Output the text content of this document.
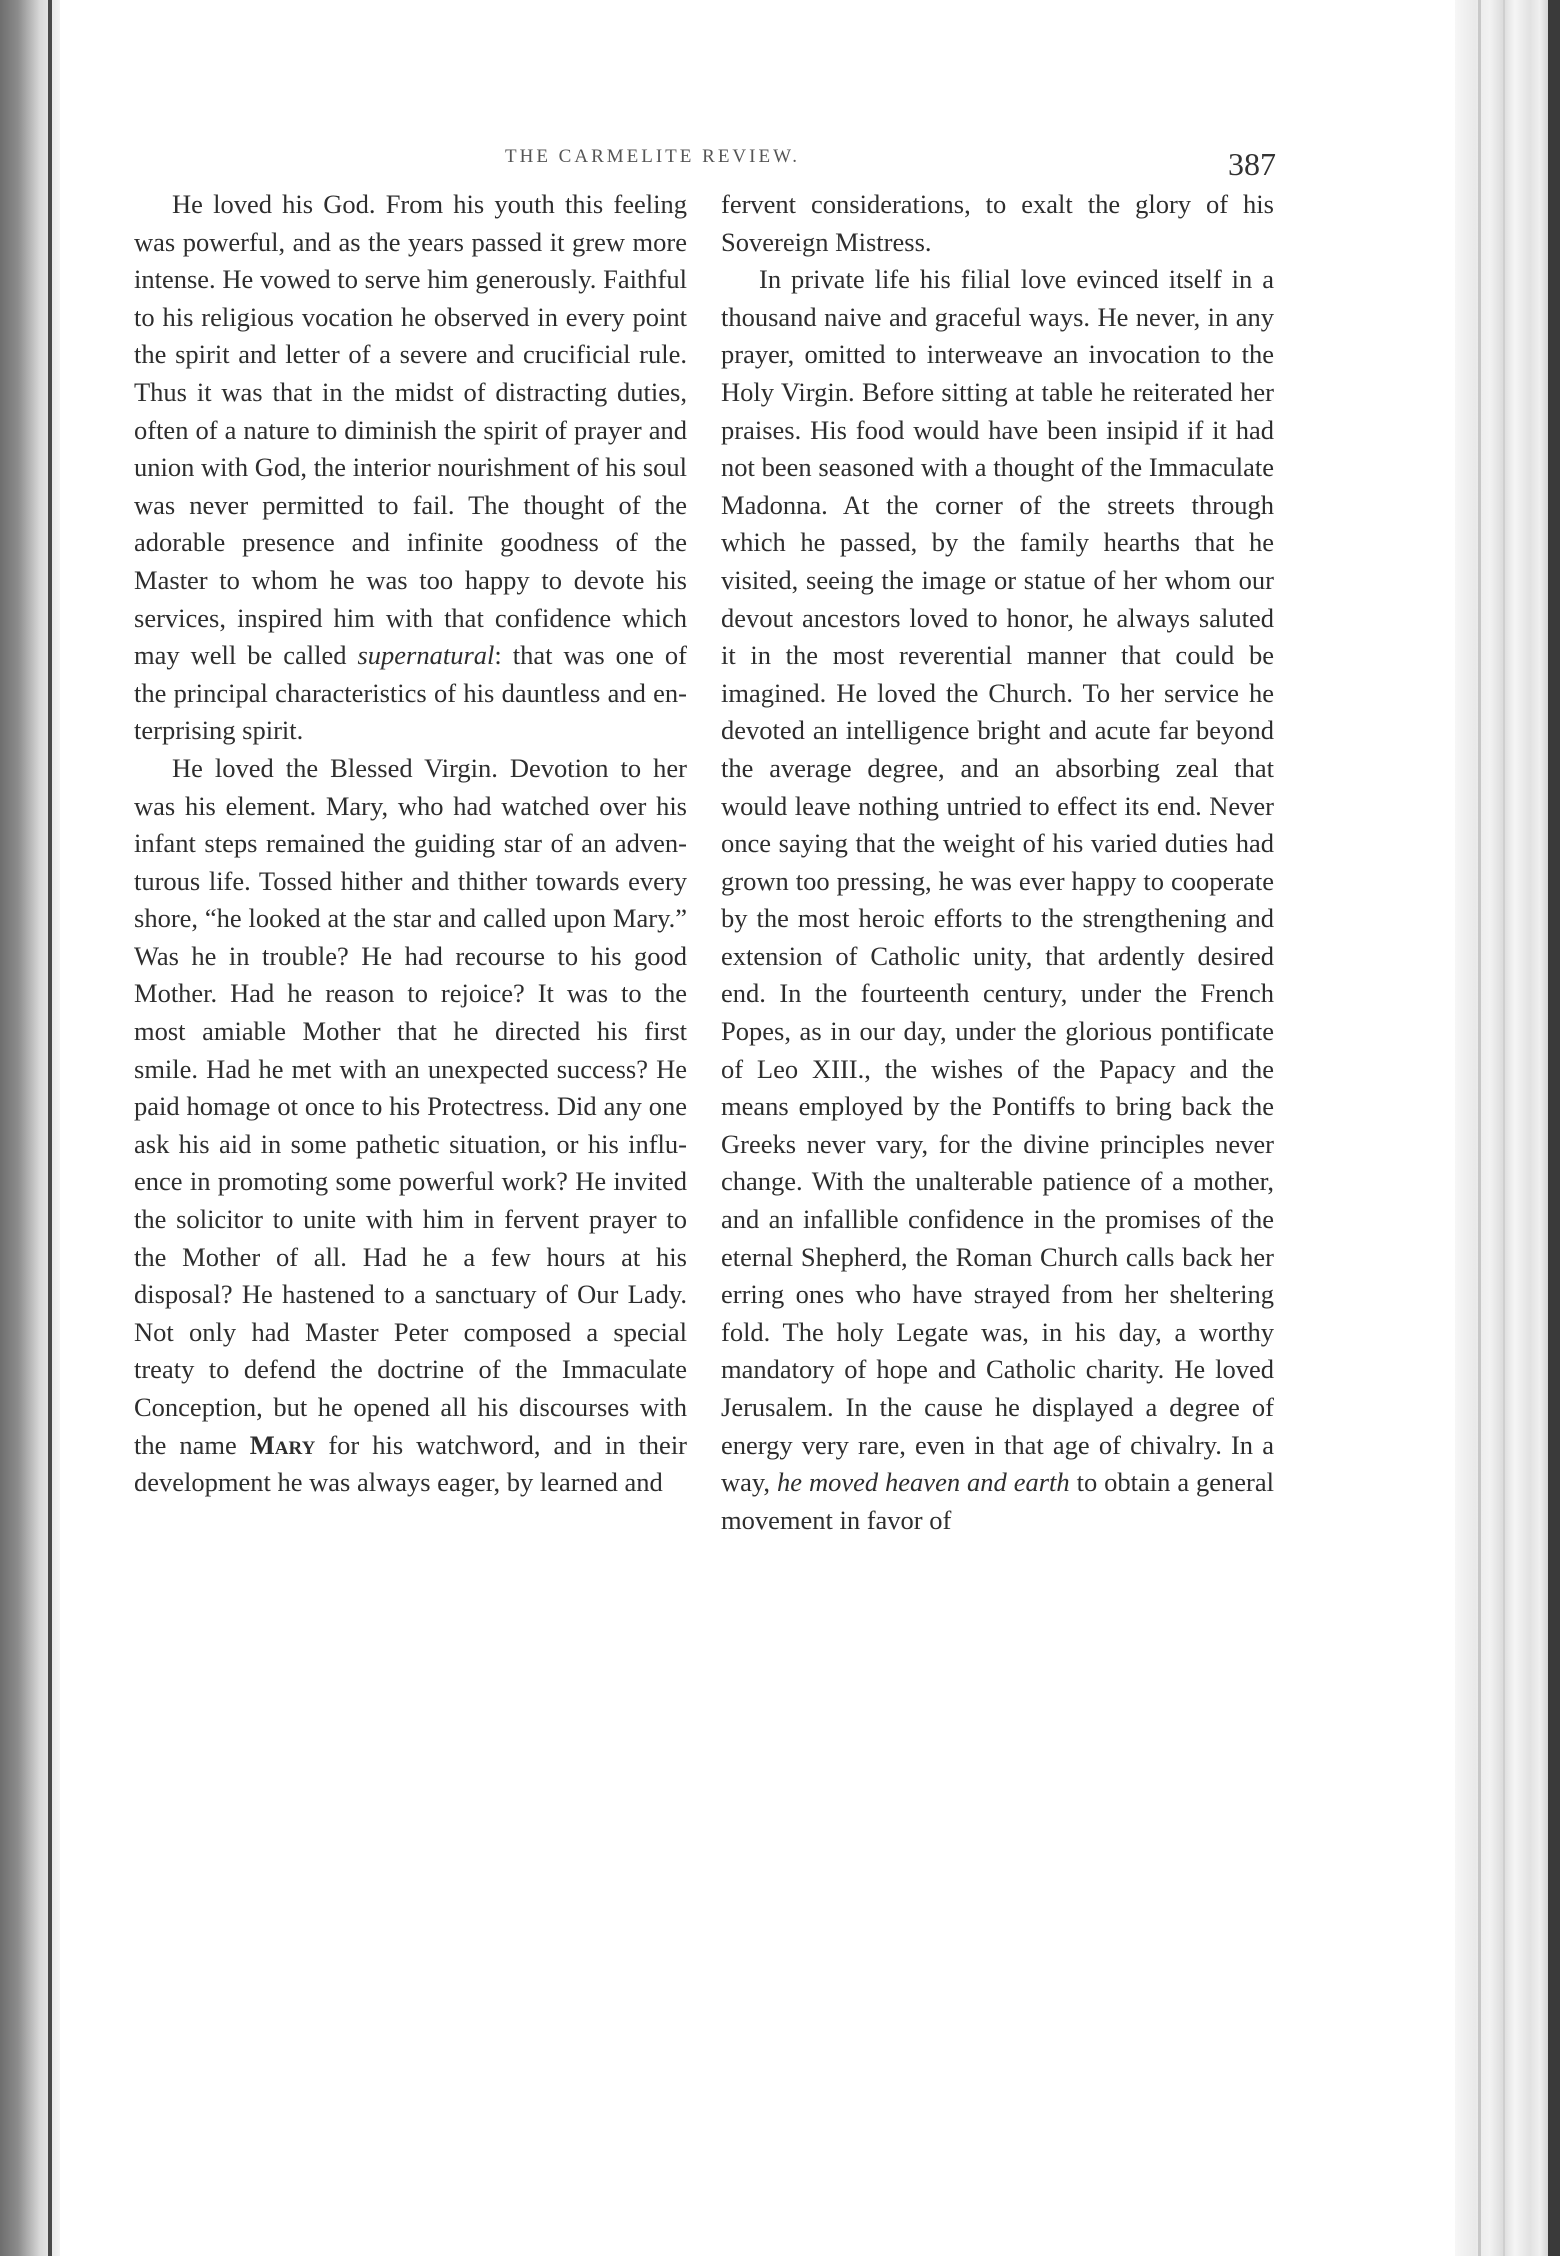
THE CARMELITE REVIEW.	387

He loved his God. From his youth this feeling was powerful, and as the years passed it grew more intense. He vowed to serve him generously. Faithful to his religious vocation he observed in every point the spirit and letter of a severe and crucificial rule. Thus it was that in the midst of distracting duties, often of a nature to diminish the spirit of prayer and union with God, the interior nourishment of his soul was never permitted to fail. The thought of the adorable presence and infinite goodness of the Master to whom he was too happy to devote his services, inspired him with that confidence which may well be called supernatural: that was one of the principal characteristics of his dauntless and enterprising spirit.

He loved the Blessed Virgin. Devotion to her was his element. Mary, who had watched over his infant steps remained the guiding star of an adventurous life. Tossed hither and thither towards every shore, “he looked at the star and called upon Mary.” Was he in trouble? He had recourse to his good Mother. Had he reason to rejoice? It was to the most amiable Mother that he directed his first smile. Had he met with an unexpected success? He paid homage ot once to his Protectress. Did any one ask his aid in some pathetic situation, or his influence in promoting some powerful work? He invited the solicitor to unite with him in fervent prayer to the Mother of all. Had he a few hours at his disposal? He hastened to a sanctuary of Our Lady. Not only had Master Peter composed a special treaty to defend the doctrine of the Immaculate Conception, but he opened all his discourses with the name Mary for his watchword, and in their development he was always eager, by learned and

fervent considerations, to exalt the glory of his Sovereign Mistress.

In private life his filial love evinced itself in a thousand naive and graceful ways. He never, in any prayer, omitted to interweave an invocation to the Holy Virgin. Before sitting at table he reiterated her praises. His food would have been insipid if it had not been seasoned with a thought of the Immaculate Madonna. At the corner of the streets through which he passed, by the family hearths that he visited, seeing the image or statue of her whom our devout ancestors loved to honor, he always saluted it in the most reverential manner that could be imagined. He loved the Church. To her service he devoted an intelligence bright and acute far beyond the average degree, and an absorbing zeal that would leave nothing untried to effect its end. Never once saying that the weight of his varied duties had grown too pressing, he was ever happy to cooperate by the most heroic efforts to the strengthening and extension of Catholic unity, that ardently desired end. In the fourteenth century, under the French Popes, as in our day, under the glorious pontificate of Leo XIII., the wishes of the Papacy and the means employed by the Pontiffs to bring back the Greeks never vary, for the divine principles never change. With the unalterable patience of a mother, and an infallible confidence in the promises of the eternal Shepherd, the Roman Church calls back her erring ones who have strayed from her sheltering fold. The holy Legate was, in his day, a worthy mandatory of hope and Catholic charity. He loved Jerusalem. In the cause he displayed a degree of energy very rare, even in that age of chivalry. In a way, he moved heaven and earth to obtain a general movement in favor of
